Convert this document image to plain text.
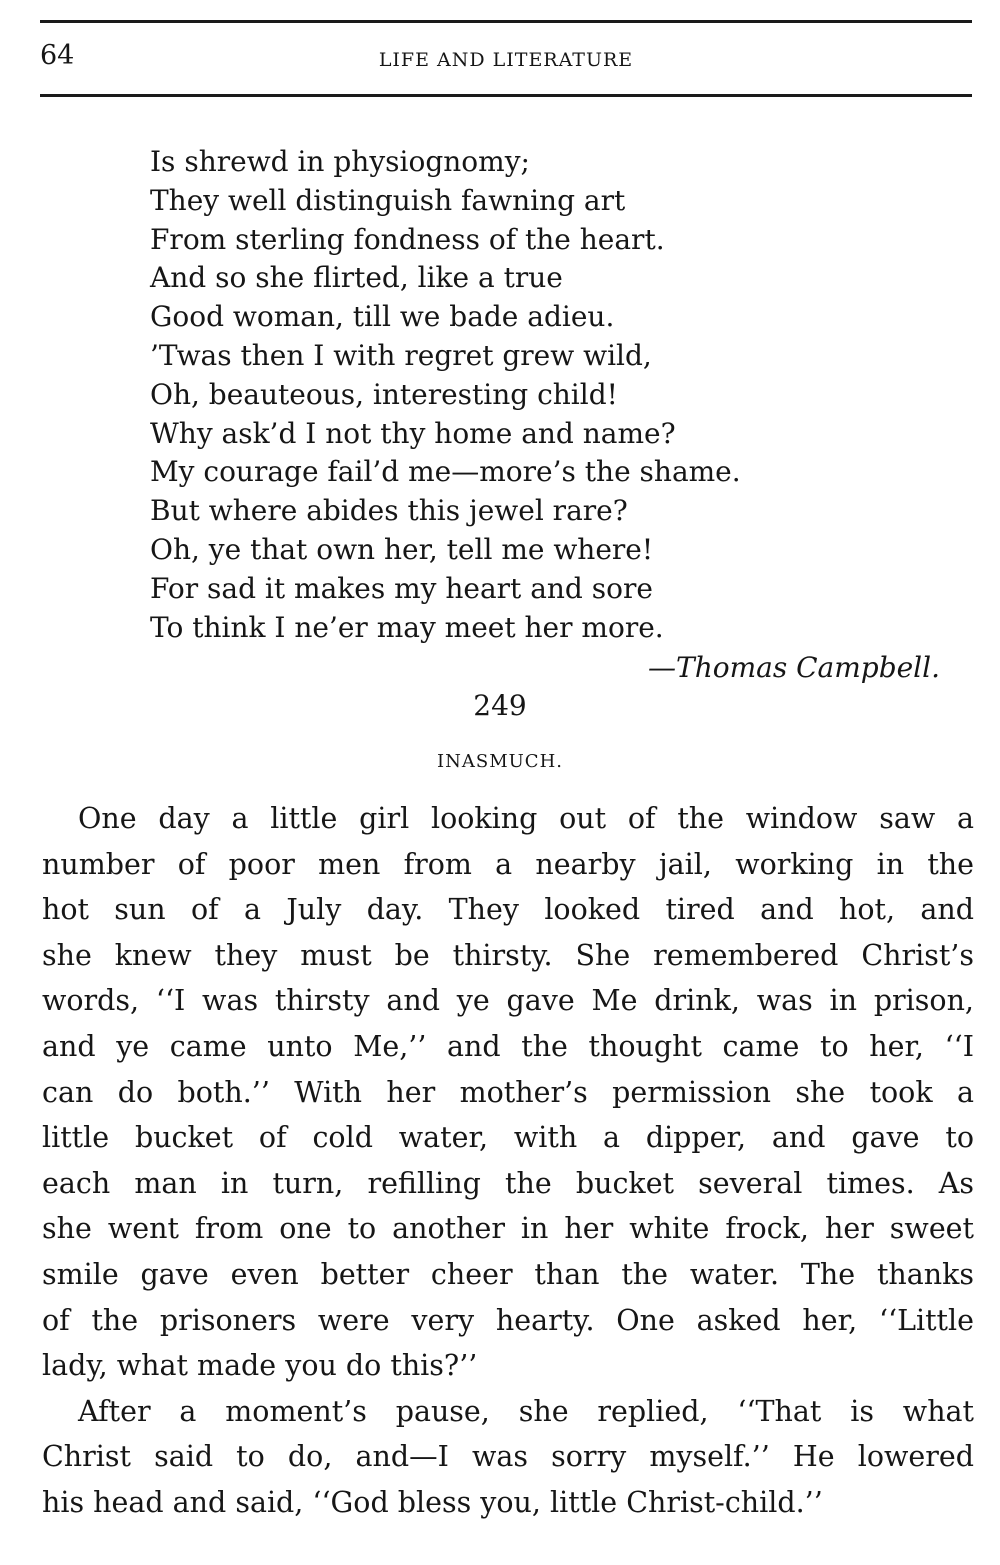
64	LIFE AND LITERATURE
Is shrewd in physiognomy;
They well distinguish fawning art
From sterling fondness of the heart.
And so she flirted, like a true
Good woman, till we bade adieu.
’Twas then I with regret grew wild,
Oh, beauteous, interesting child!
Why ask’d I not thy home and name?
My courage fail’d me—more’s the shame.
But where abides this jewel rare?
Oh, ye that own her, tell me where!
For sad it makes my heart and sore
To think I ne’er may meet her more.
—Thomas Campbell.
249
INASMUCH.
One day a little girl looking out of the window saw a
number of poor men from a nearby jail, working in the
hot sun of a July day. They looked tired and hot, and
she knew they must be thirsty. She remembered Christ’s
words, ‘‘I was thirsty and ye gave Me drink, was in prison,
and ye came unto Me,’’ and the thought came to her, ‘‘I
can do both.’’ With her mother’s permission she took a
little bucket of cold water, with a dipper, and gave to
each man in turn, refilling the bucket several times. As
she went from one to another in her white frock, her sweet
smile gave even better cheer than the water. The thanks
of the prisoners were very hearty. One asked her, ‘‘Little
lady, what made you do this?’’
After a moment’s pause, she replied, ‘‘That is what
Christ said to do, and—I was sorry myself.’’ He lowered
his head and said, ‘‘God bless you, little Christ-child.’’
